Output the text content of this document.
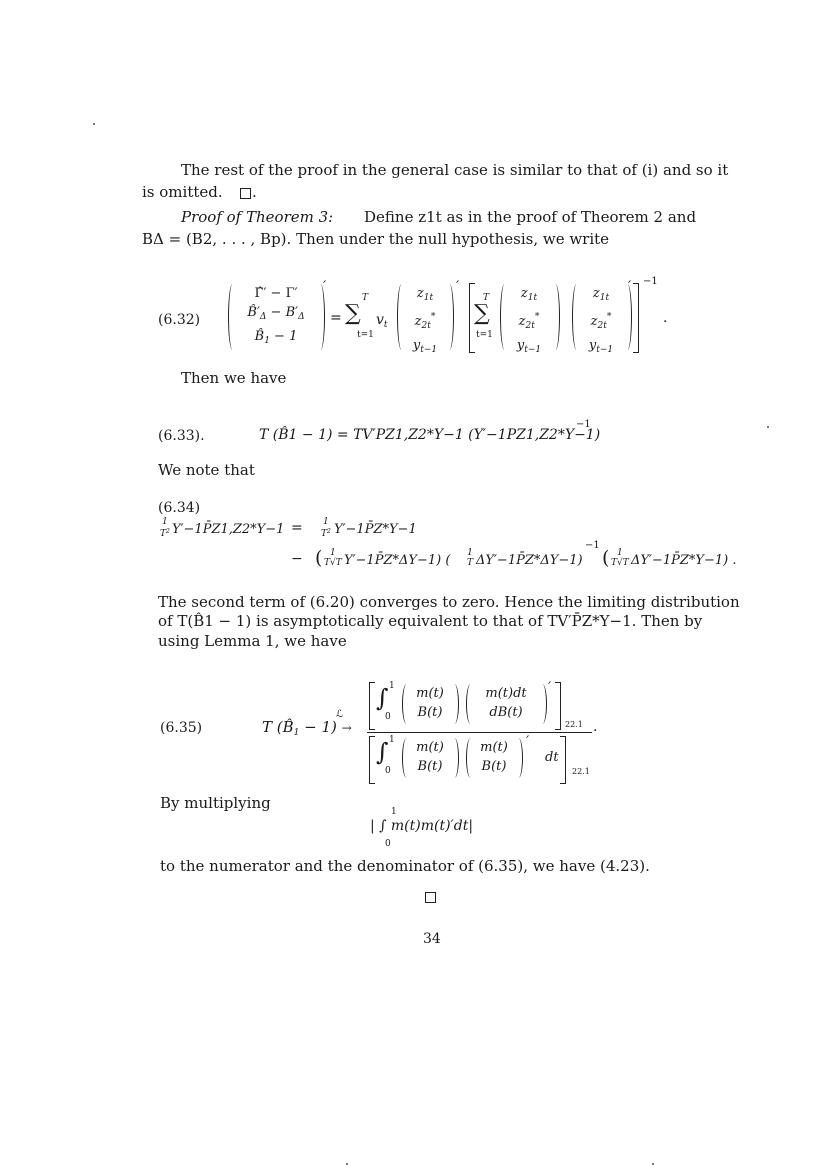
The rest of the proof in the general case is similar to that of (i) and so it
is omitted. .
Proof of Theorem 3: Define z1t as in the proof of Theorem 2 and
BΔ = (B2, . . . , Bp). Then under the null hypothesis, we write
(6.32)
Γ̂′ − Γ′
$B̂'_\Delta - B'_\Delta$
$B̂_1 - 1$
′
=
T
∑
t=1
$v_t$
$z_{1t}$
$z_{2t}^*$
$y_{t-1}$
′
T
∑
t=1
$z_{1t}$
$z_{2t}^*$
$y_{t-1}$
$z_{1t}$
$z_{2t}^*$
$y_{t-1}$
′ −1
.
Then we have
(6.33).	T (B̂1 − 1) = TV′PZ1,Z2*Y−1 (Y′−1PZ1,Z2*Y−1)
−1
We note that
(6.34)
1
$T^2$ Y′−1P̄Z1,Z2*Y−1 = 1
$T^2$ Y′−1P̄Z*Y−1
− ( 1
T√T Y′−1P̄Z*ΔY−1) ( 1
T ΔY′−1P̄Z*ΔY−1)
−1
( 1
T√T ΔY′−1P̄Z*Y−1) .
The second term of (6.20) converges to zero. Hence the limiting distribution
of T(B̂1 − 1) is asymptotically equivalent to that of TV′P̄Z*Y−1. Then by
using Lemma 1, we have
(6.35)	T $(B̂_1 - 1)$ →
ℒ
∫ 1
0
m(t)
B(t)
m(t)dt
dB(t)
′
22.1 .
∫ 1
0
m(t)
B(t)
m(t)
B(t)
′
dt
22.1
By multiplying
| ∫ m(t)m(t)′dt|
1
0
to the numerator and the denominator of (6.35), we have (4.23).
34
